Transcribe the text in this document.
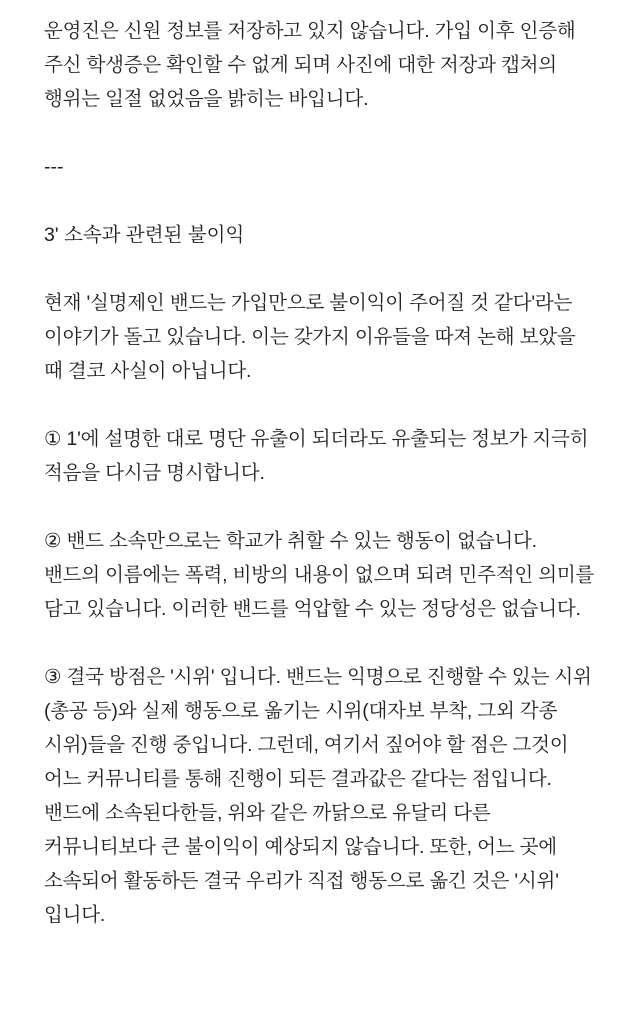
운영진은 신원 정보를 저장하고 있지 않습니다. 가입 이후 인증해 주신 학생증은 확인할 수 없게 되며 사진에 대한 저장과 캡처의 행위는 일절 없었음을 밝히는 바입니다.

---

3' 소속과 관련된 불이익

현재 '실명제인 밴드는 가입만으로 불이익이 주어질 것 같다'라는 이야기가 돌고 있습니다. 이는 갖가지 이유들을 따져 논해 보았을 때 결코 사실이 아닙니다.

① 1'에 설명한 대로 명단 유출이 되더라도 유출되는 정보가 지극히 적음을 다시금 명시합니다.

② 밴드 소속만으로는 학교가 취할 수 있는 행동이 없습니다. 밴드의 이름에는 폭력, 비방의 내용이 없으며 되려 민주적인 의미를 담고 있습니다. 이러한 밴드를 억압할 수 있는 정당성은 없습니다.

③ 결국 방점은 '시위' 입니다. 밴드는 익명으로 진행할 수 있는 시위(총공 등)와 실제 행동으로 옮기는 시위(대자보 부착, 그외 각종 시위)들을 진행 중입니다. 그런데, 여기서 짚어야 할 점은 그것이 어느 커뮤니티를 통해 진행이 되든 결과값은 같다는 점입니다.

밴드에 소속된다한들, 위와 같은 까닭으로 유달리 다른 커뮤니티보다 큰 불이익이 예상되지 않습니다. 또한, 어느 곳에 소속되어 활동하든 결국 우리가 직접 행동으로 옮긴 것은 '시위' 입니다.
